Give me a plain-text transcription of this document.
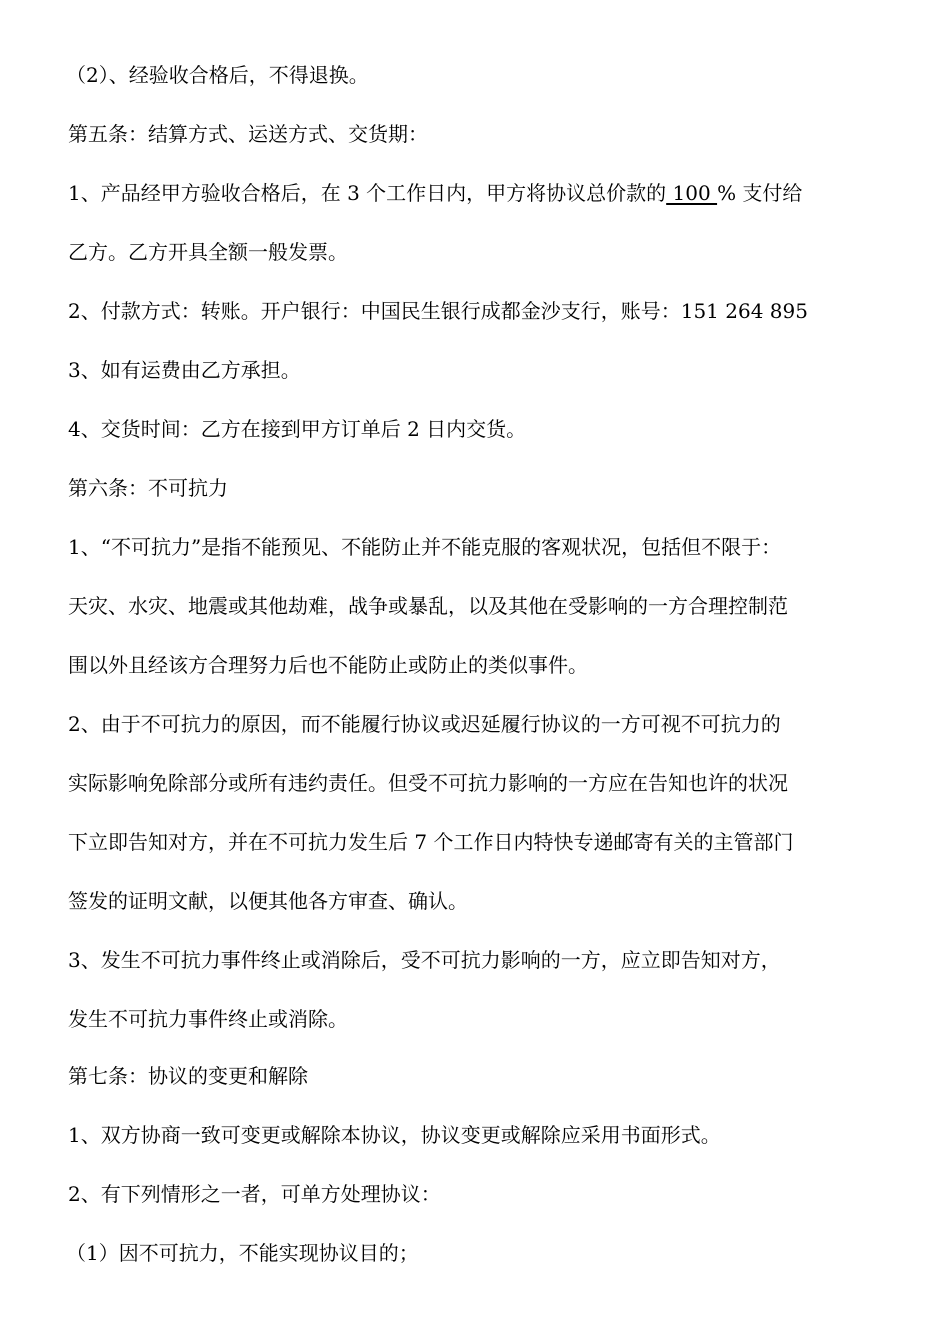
（2）、经验收合格后，不得退换。
第五条：结算方式、运送方式、交货期：
1、产品经甲方验收合格后，在 3 个工作日内，甲方将协议总价款的 100 % 支付给
乙方。乙方开具全额一般发票。
2、付款方式：转账。开户银行：中国民生银行成都金沙支行，账号：151 264 895
3、如有运费由乙方承担。
4、交货时间：乙方在接到甲方订单后 2 日内交货。
第六条：不可抗力
1、“不可抗力”是指不能预见、不能防止并不能克服的客观状况，包括但不限于：
天灾、水灾、地震或其他劫难，战争或暴乱，以及其他在受影响的一方合理控制范
围以外且经该方合理努力后也不能防止或防止的类似事件。
2、由于不可抗力的原因，而不能履行协议或迟延履行协议的一方可视不可抗力的
实际影响免除部分或所有违约责任。但受不可抗力影响的一方应在告知也许的状况
下立即告知对方，并在不可抗力发生后 7 个工作日内特快专递邮寄有关的主管部门
签发的证明文献，以便其他各方审查、确认。
3、发生不可抗力事件终止或消除后，受不可抗力影响的一方，应立即告知对方，
发生不可抗力事件终止或消除。
第七条：协议的变更和解除
1、双方协商一致可变更或解除本协议，协议变更或解除应采用书面形式。
2、有下列情形之一者，可单方处理协议：
（1）因不可抗力，不能实现协议目的；
